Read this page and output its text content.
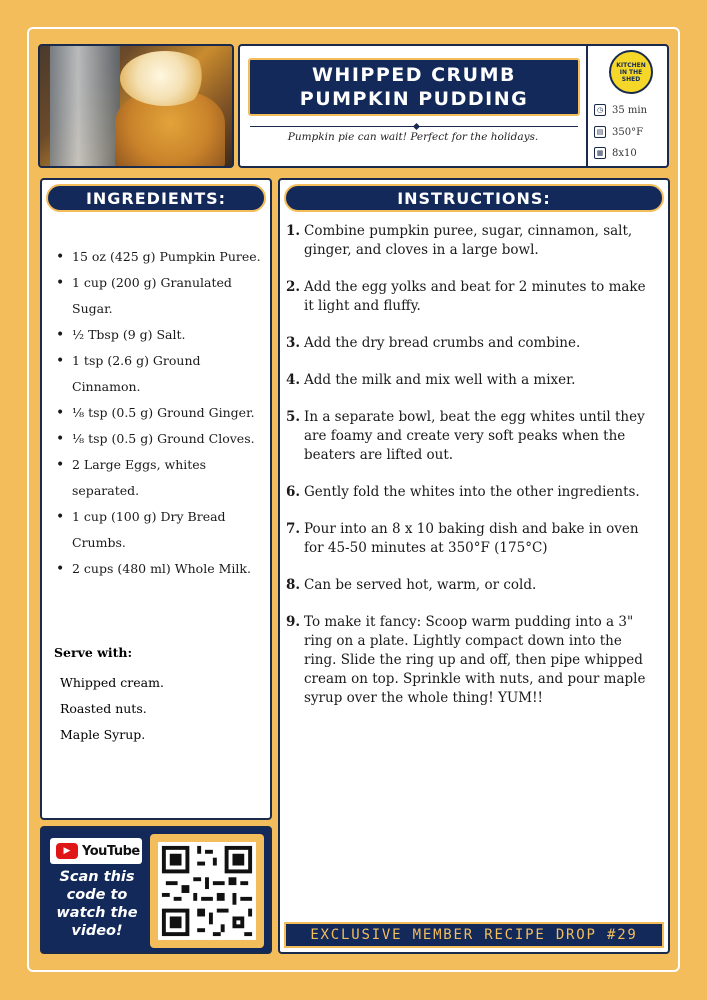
WHIPPED CRUMB
PUMPKIN PUDDING
Pumpkin pie can wait! Perfect for the holidays.
KITCHEN
IN THE
SHED
◷ 35 min
▤ 350°F
▦ 8x10
INGREDIENTS:
• 15 oz (425 g) Pumpkin Puree.
• 1 cup (200 g) Granulated Sugar.
• ½ Tbsp (9 g) Salt.
• 1 tsp (2.6 g) Ground Cinnamon.
• ⅛ tsp (0.5 g) Ground Ginger.
• ⅛ tsp (0.5 g) Ground Cloves.
• 2 Large Eggs, whites separated.
• 1 cup (100 g) Dry Bread Crumbs.
• 2 cups (480 ml) Whole Milk.
Serve with:
Whipped cream.
Roasted nuts.
Maple Syrup.
INSTRUCTIONS:
1. Combine pumpkin puree, sugar, cinnamon, salt, ginger, and cloves in a large bowl.
2. Add the egg yolks and beat for 2 minutes to make it light and fluffy.
3. Add the dry bread crumbs and combine.
4. Add the milk and mix well with a mixer.
5. In a separate bowl, beat the egg whites until they are foamy and create very soft peaks when the beaters are lifted out.
6. Gently fold the whites into the other ingredients.
7. Pour into an 8 x 10 baking dish and bake in oven for 45-50 minutes at 350°F (175°C)
8. Can be served hot, warm, or cold.
9. To make it fancy: Scoop warm pudding into a 3" ring on a plate. Lightly compact down into the ring. Slide the ring up and off, then pipe whipped cream on top. Sprinkle with nuts, and pour maple syrup over the whole thing! YUM!!
▶ YouTube
Scan this code to watch the video!	EXCLUSIVE MEMBER RECIPE DROP #29
